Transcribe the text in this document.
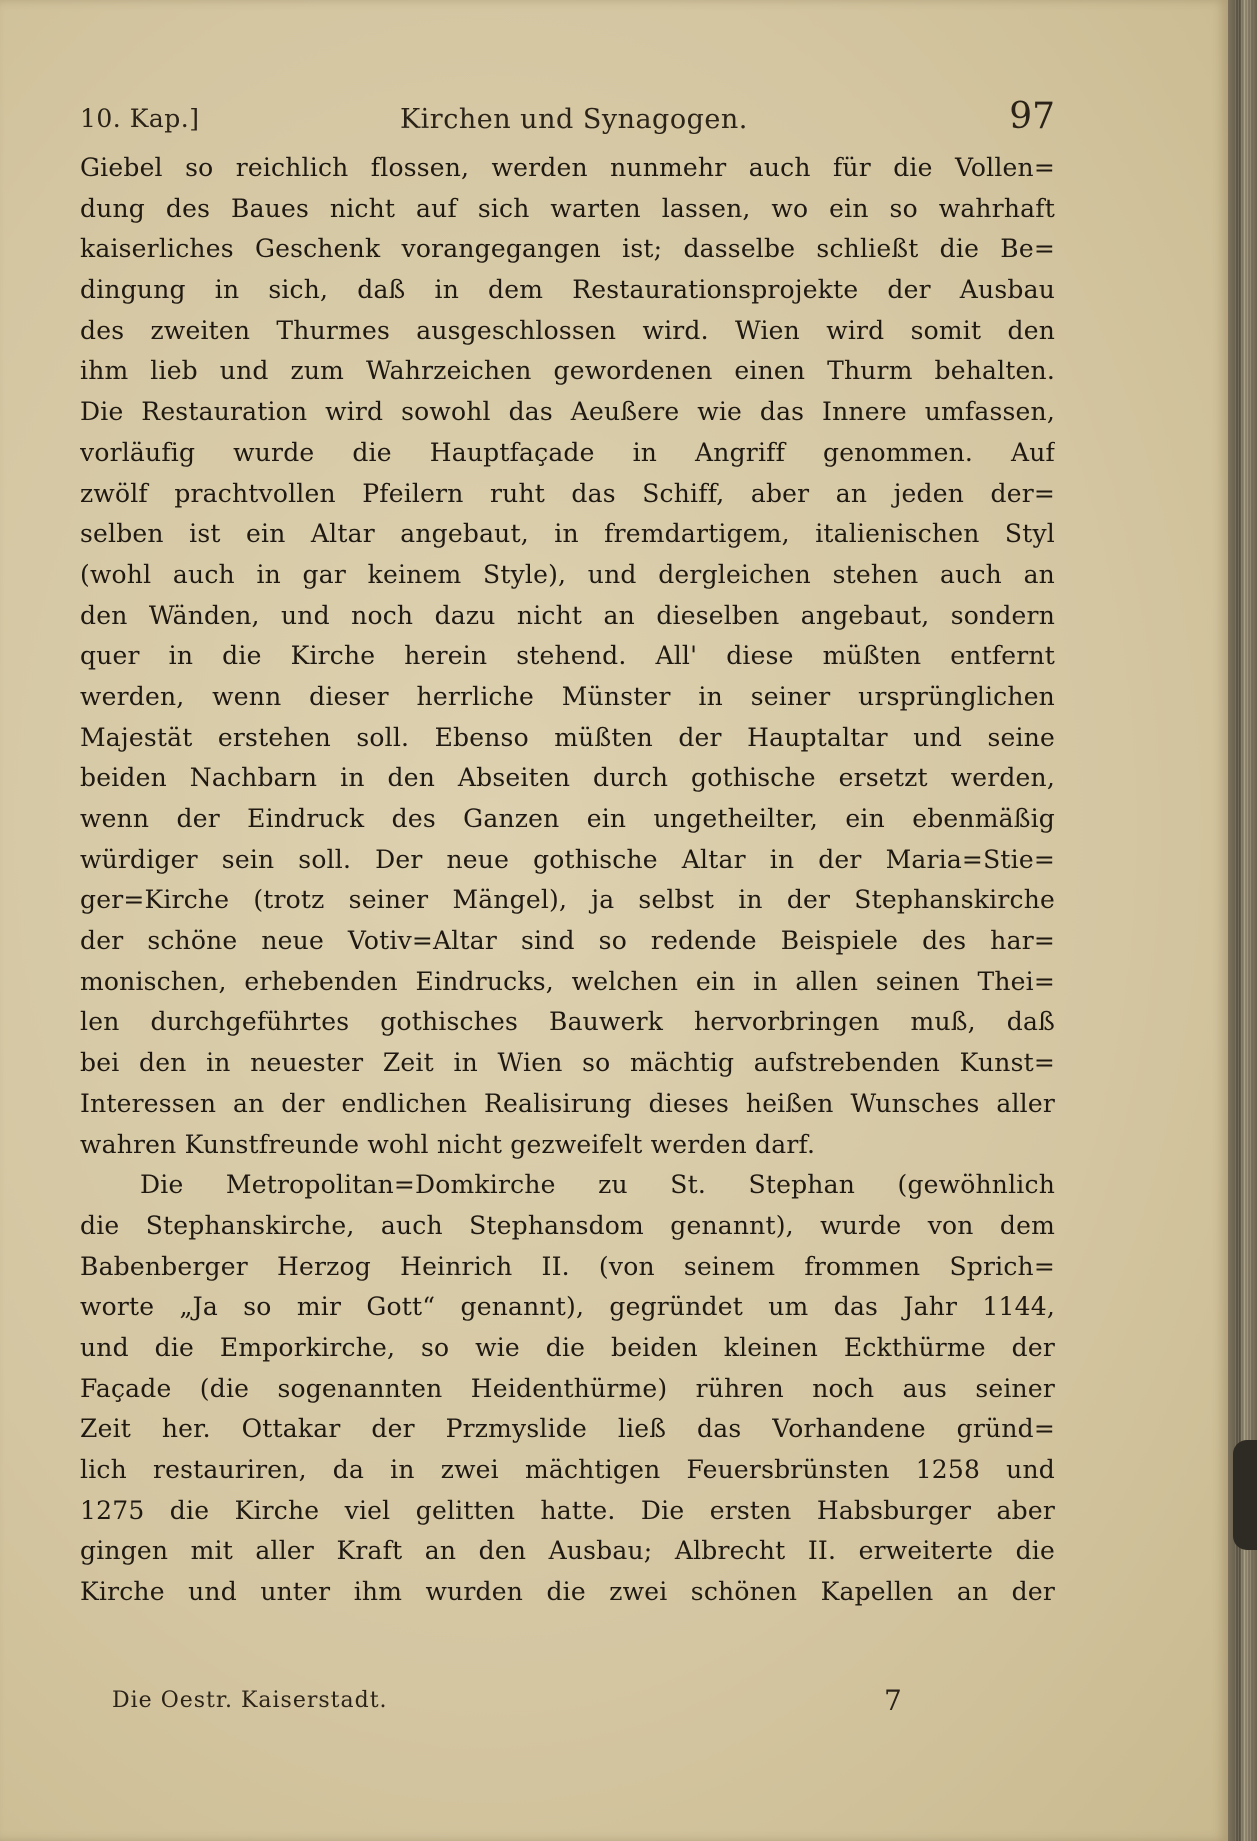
10. Kap.]	Kirchen und Synagogen.	97
Giebel so reichlich flossen, werden nunmehr auch für die Vollen=
dung des Baues nicht auf sich warten lassen, wo ein so wahrhaft
kaiserliches Geschenk vorangegangen ist; dasselbe schließt die Be=
dingung in sich, daß in dem Restaurationsprojekte der Ausbau
des zweiten Thurmes ausgeschlossen wird. Wien wird somit den
ihm lieb und zum Wahrzeichen gewordenen einen Thurm behalten.
Die Restauration wird sowohl das Aeußere wie das Innere umfassen,
vorläufig wurde die Hauptfaçade in Angriff genommen. Auf
zwölf prachtvollen Pfeilern ruht das Schiff, aber an jeden der=
selben ist ein Altar angebaut, in fremdartigem, italienischen Styl
(wohl auch in gar keinem Style), und dergleichen stehen auch an
den Wänden, und noch dazu nicht an dieselben angebaut, sondern
quer in die Kirche herein stehend. All' diese müßten entfernt
werden, wenn dieser herrliche Münster in seiner ursprünglichen
Majestät erstehen soll. Ebenso müßten der Hauptaltar und seine
beiden Nachbarn in den Abseiten durch gothische ersetzt werden,
wenn der Eindruck des Ganzen ein ungetheilter, ein ebenmäßig
würdiger sein soll. Der neue gothische Altar in der Maria=Stie=
ger=Kirche (trotz seiner Mängel), ja selbst in der Stephanskirche
der schöne neue Votiv=Altar sind so redende Beispiele des har=
monischen, erhebenden Eindrucks, welchen ein in allen seinen Thei=
len durchgeführtes gothisches Bauwerk hervorbringen muß, daß
bei den in neuester Zeit in Wien so mächtig aufstrebenden Kunst=
Interessen an der endlichen Realisirung dieses heißen Wunsches aller
wahren Kunstfreunde wohl nicht gezweifelt werden darf.
Die Metropolitan=Domkirche zu St. Stephan (gewöhnlich
die Stephanskirche, auch Stephansdom genannt), wurde von dem
Babenberger Herzog Heinrich II. (von seinem frommen Sprich=
worte „Ja so mir Gott“ genannt), gegründet um das Jahr 1144,
und die Emporkirche, so wie die beiden kleinen Eckthürme der
Façade (die sogenannten Heidenthürme) rühren noch aus seiner
Zeit her. Ottakar der Przmyslide ließ das Vorhandene gründ=
lich restauriren, da in zwei mächtigen Feuersbrünsten 1258 und
1275 die Kirche viel gelitten hatte. Die ersten Habsburger aber
gingen mit aller Kraft an den Ausbau; Albrecht II. erweiterte die
Kirche und unter ihm wurden die zwei schönen Kapellen an der
Die Oestr. Kaiserstadt.	7
